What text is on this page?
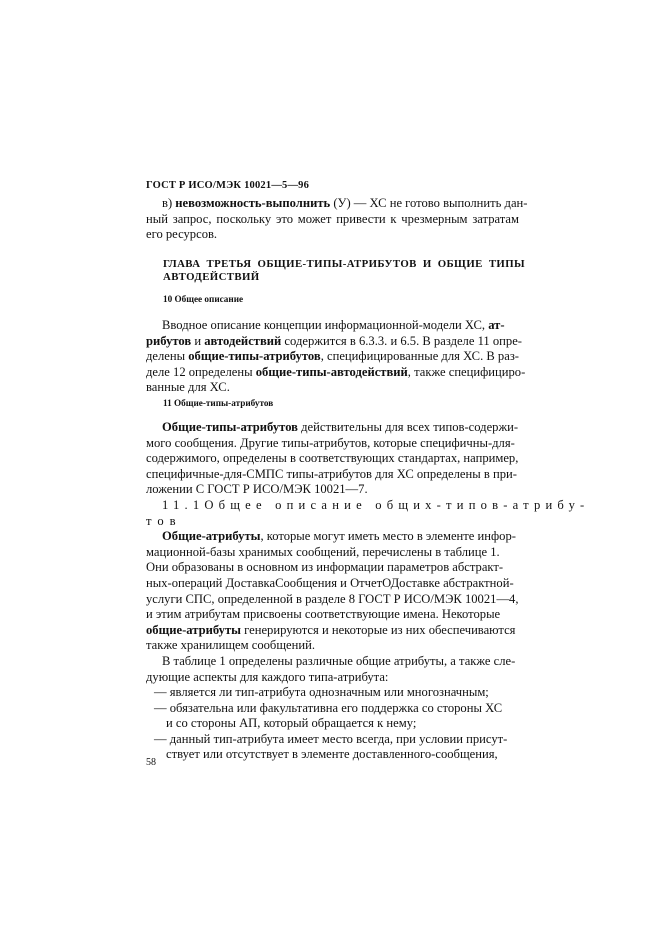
ГОСТ Р ИСО/МЭК 10021—5—96
в) невозможность-выполнить (У) — ХС не готово выполнить дан-
ный запрос, поскольку это может привести к чрезмерным затратам
его ресурсов.
ГЛАВА ТРЕТЬЯ ОБЩИЕ-ТИПЫ-АТРИБУТОВ И ОБЩИЕ ТИПЫ
АВТОДЕЙСТВИЙ
10 Общее описание
Вводное описание концепции информационной-модели ХС, ат-
рибутов и автодействий содержится в 6.3.3. и 6.5. В разделе 11 опре-
делены общие-типы-атрибутов, специфицированные для ХС. В раз-
деле 12 определены общие-типы-автодействий, также специфициро-
ванные для ХС.
11 Общие-типы-атрибутов
Общие-типы-атрибутов действительны для всех типов-содержи-
мого сообщения. Другие типы-атрибутов, которые специфичны-для-
содержимого, определены в соответствующих стандартах, например,
специфичные-для-СМПС типы-атрибутов для ХС определены в при-
ложении С ГОСТ Р ИСО/МЭК 10021—7.
11.1Общее описание общих-типов-атрибу-
тов
Общие-атрибуты, которые могут иметь место в элементе инфор-
мационной-базы хранимых сообщений, перечислены в таблице 1.
Они образованы в основном из информации параметров абстракт-
ных-операций ДоставкаСообщения и ОтчетОДоставке абстрактной-
услуги СПС, определенной в разделе 8 ГОСТ Р ИСО/МЭК 10021—4,
и этим атрибутам присвоены соответствующие имена. Некоторые
общие-атрибуты генерируются и некоторые из них обеспечиваются
также хранилищем сообщений.
В таблице 1 определены различные общие атрибуты, а также сле-
дующие аспекты для каждого типа-атрибута:
— является ли тип-атрибута однозначным или многозначным;
— обязательна или факультативна его поддержка со стороны ХС
и со стороны АП, который обращается к нему;
— данный тип-атрибута имеет место всегда, при условии присут-
ствует или отсутствует в элементе доставленного-сообщения,
58
